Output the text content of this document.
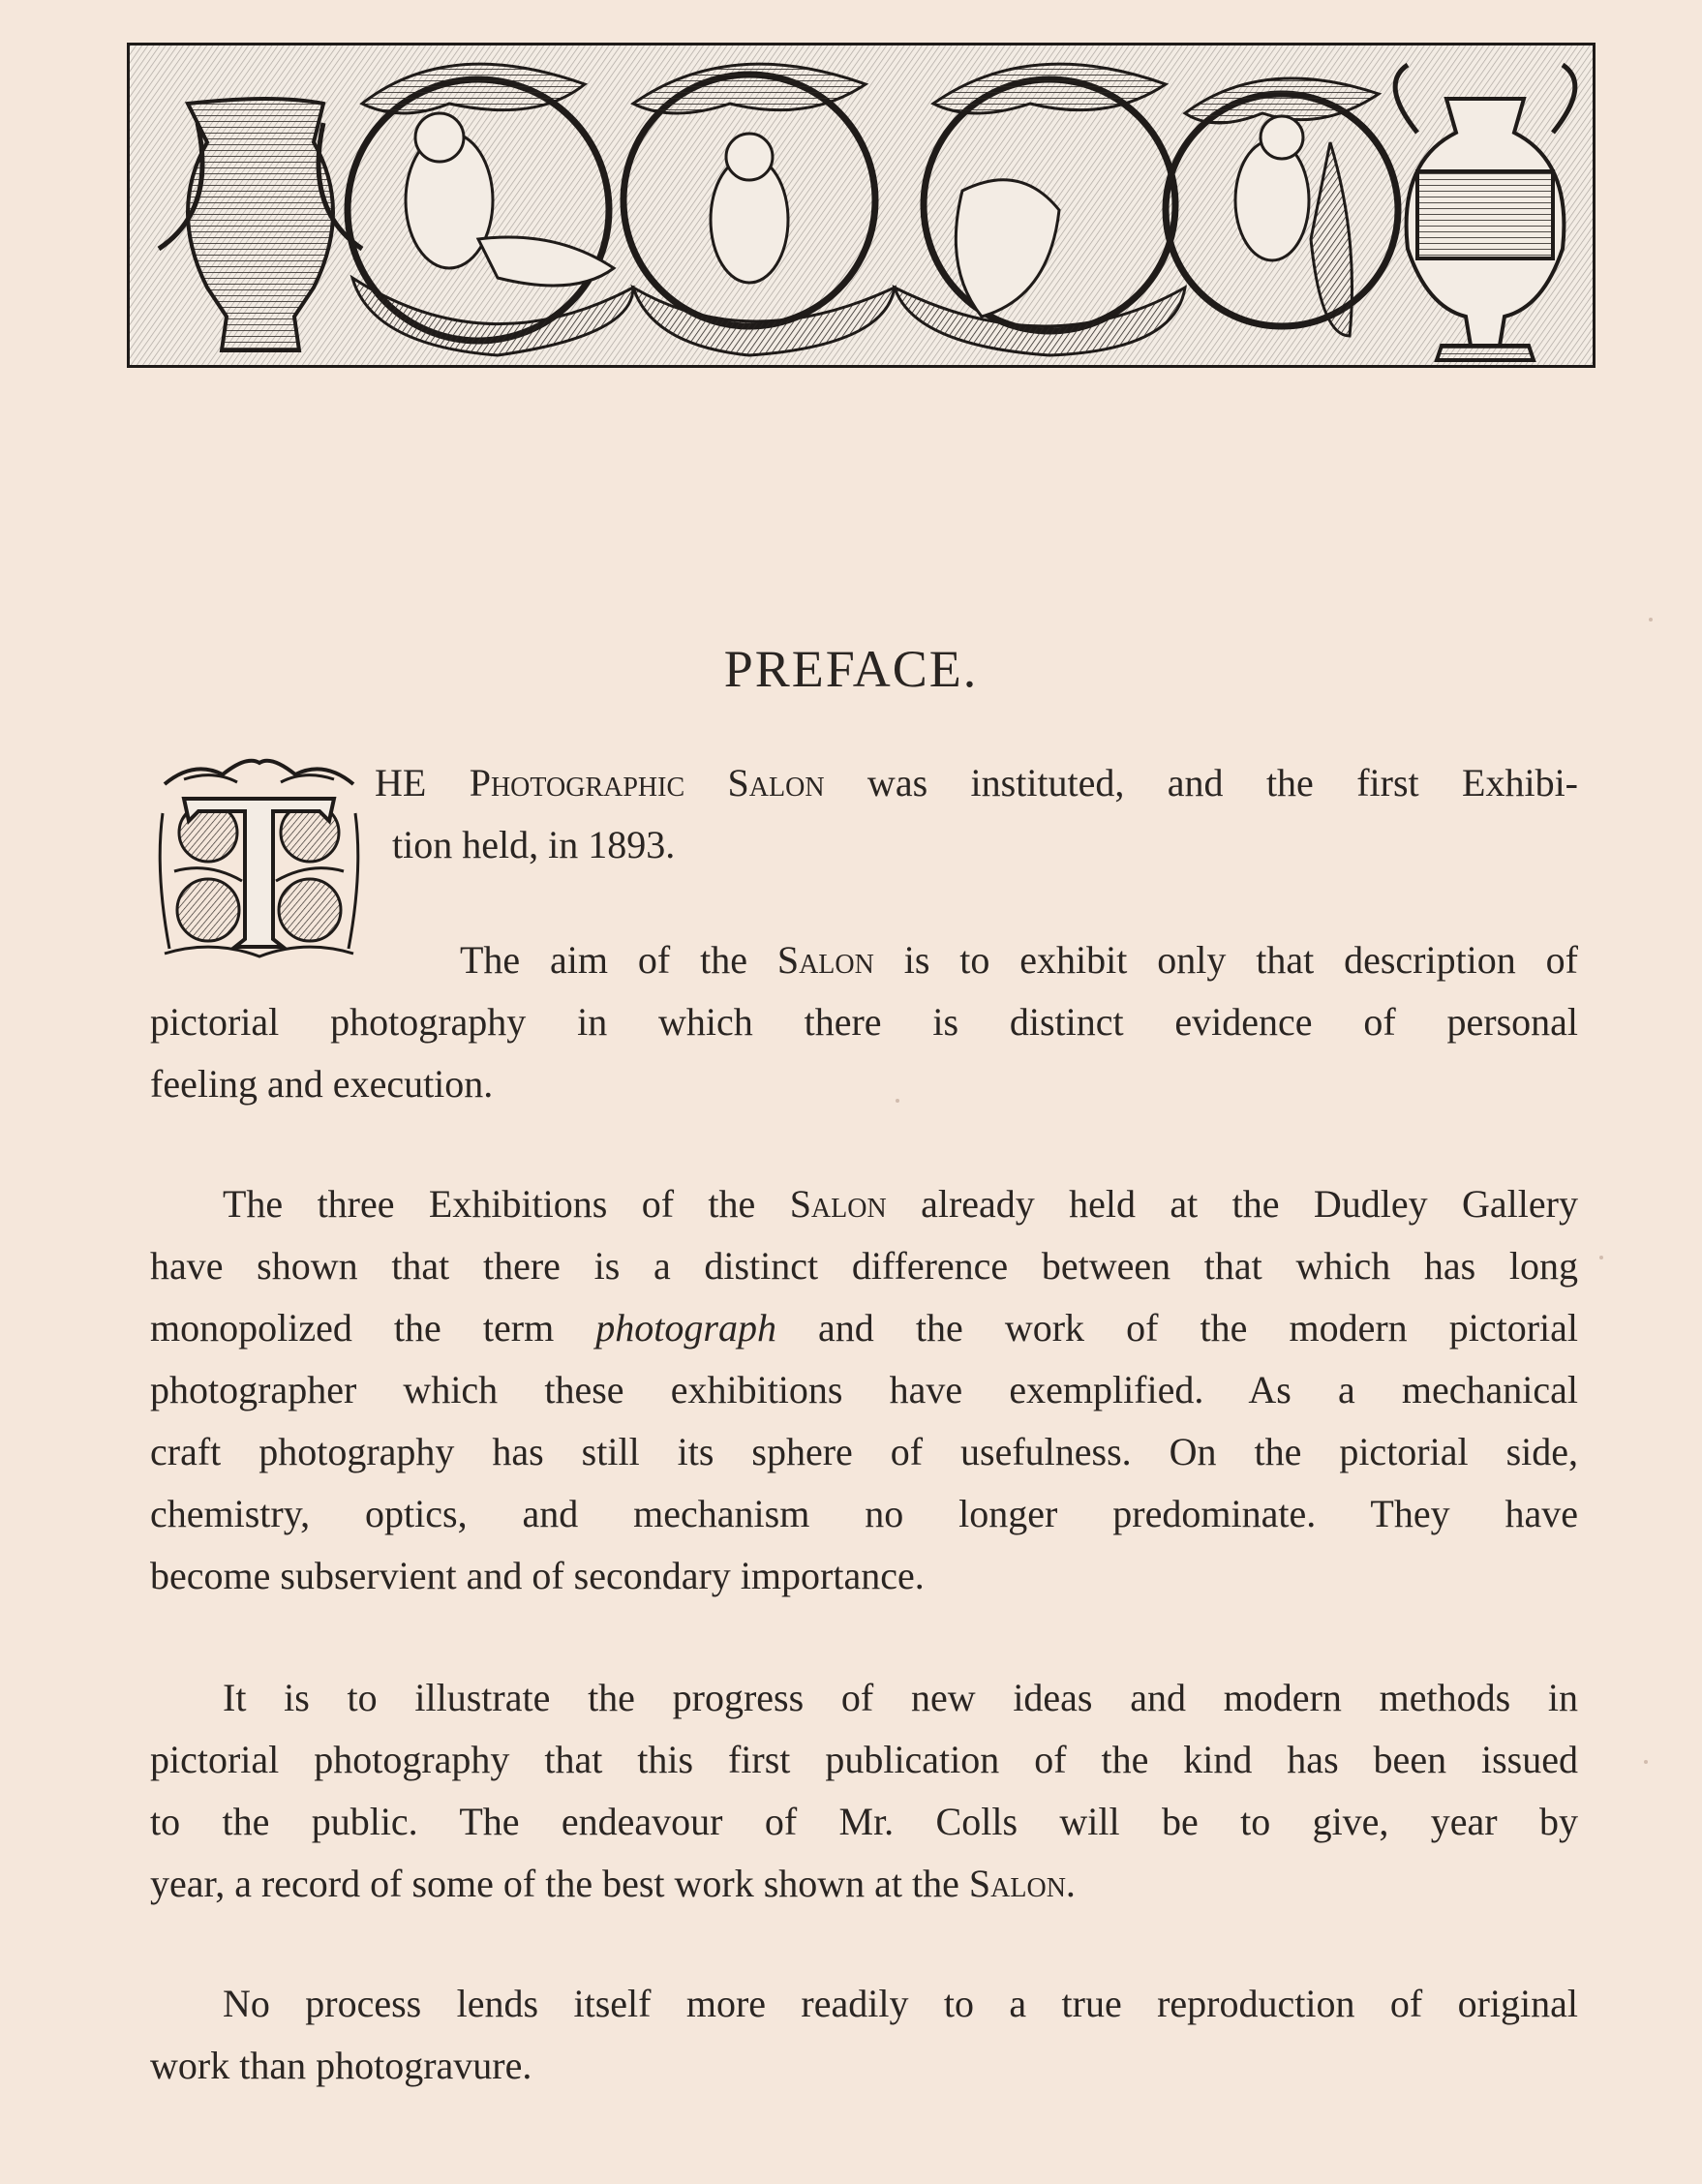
PREFACE.
HE Photographic Salon was instituted, and the first Exhibi-
tion held, in 1893.
The aim of the Salon is to exhibit only that description of
pictorial photography in which there is distinct evidence of personal
feeling and execution.
The three Exhibitions of the Salon already held at the Dudley Gallery
have shown that there is a distinct difference between that which has long
monopolized the term photograph and the work of the modern pictorial
photographer which these exhibitions have exemplified. As a mechanical
craft photography has still its sphere of usefulness. On the pictorial side,
chemistry, optics, and mechanism no longer predominate. They have
become subservient and of secondary importance.
It is to illustrate the progress of new ideas and modern methods in
pictorial photography that this first publication of the kind has been issued
to the public. The endeavour of Mr. Colls will be to give, year by
year, a record of some of the best work shown at the Salon.
No process lends itself more readily to a true reproduction of original
work than photogravure.
